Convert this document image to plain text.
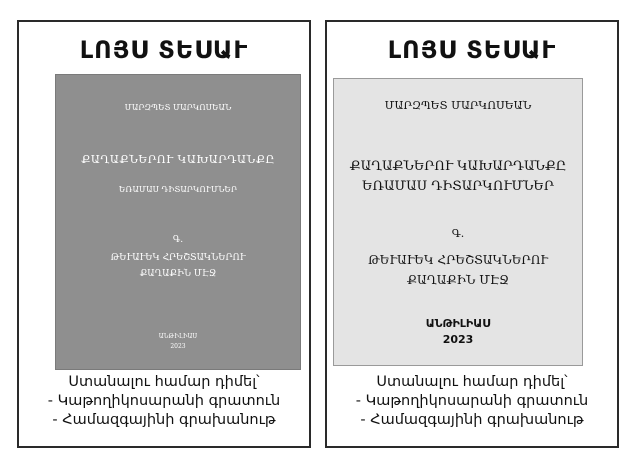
ԼՈՅՍ ՏԵՍԱՒ
ՄԱՐԶՊԵՏ ՄԱՐԿՈՍԵԱՆ
ՔԱՂԱՔՆԵՐՈՒ ԿԱԽԱՐԴԱՆՔԸ
ԵՌԱՄԱՍ ԴԻՏԱՐԿՈՒՄՆԵՐ
Գ.
ԹԵՒԱՒԵԿ ՀՐԵՇՏԱԿՆԵՐՈՒ
ՔԱՂԱՔԻՆ ՄԷՋ
ԱՆԹԻԼԻԱՍ
2023
Ստանալու համար դիմել՝
- Կաթողիկոսարանի գրատուն
- Համազգայինի գրախանութ
ԼՈՅՍ ՏԵՍԱՒ
ՄԱՐԶՊԵՏ ՄԱՐԿՈՍԵԱՆ
ՔԱՂԱՔՆԵՐՈՒ ԿԱԽԱՐԴԱՆՔԸ
ԵՌԱՄԱՍ ԴԻՏԱՐԿՈՒՄՆԵՐ
Գ.
ԹԵՒԱՒԵԿ ՀՐԵՇՏԱԿՆԵՐՈՒ
ՔԱՂԱՔԻՆ ՄԷՋ
ԱՆԹԻԼԻԱՍ
2023
Ստանալու համար դիմել՝
- Կաթողիկոսարանի գրատուն
- Համազգայինի գրախանութ
